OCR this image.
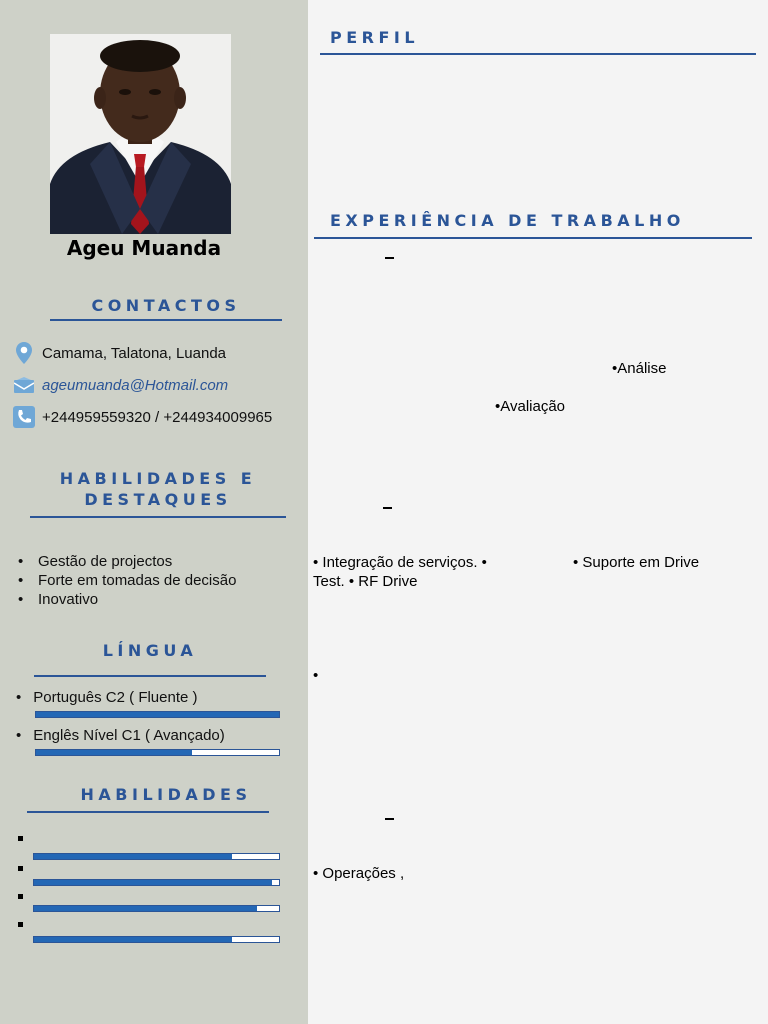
Ageu Muanda
CONTACTOS
Camama, Talatona, Luanda
ageumuanda@Hotmail.com
+244959559320 / +244934009965
HABILIDADES E DESTAQUES
• Gestão de projectos
• Forte em tomadas de decisão
• Inovativo
LÍNGUA
• Português C2 ( Fluente )
• Englês Nível C1 ( Avançado)
HABILIDADES
PERFIL
EXPERIÊNCIA DE TRABALHO
•Análise
•Avaliação
• Integração de serviços. •	• Suporte em Drive
Test. • RF Drive
•
• Operações ,
